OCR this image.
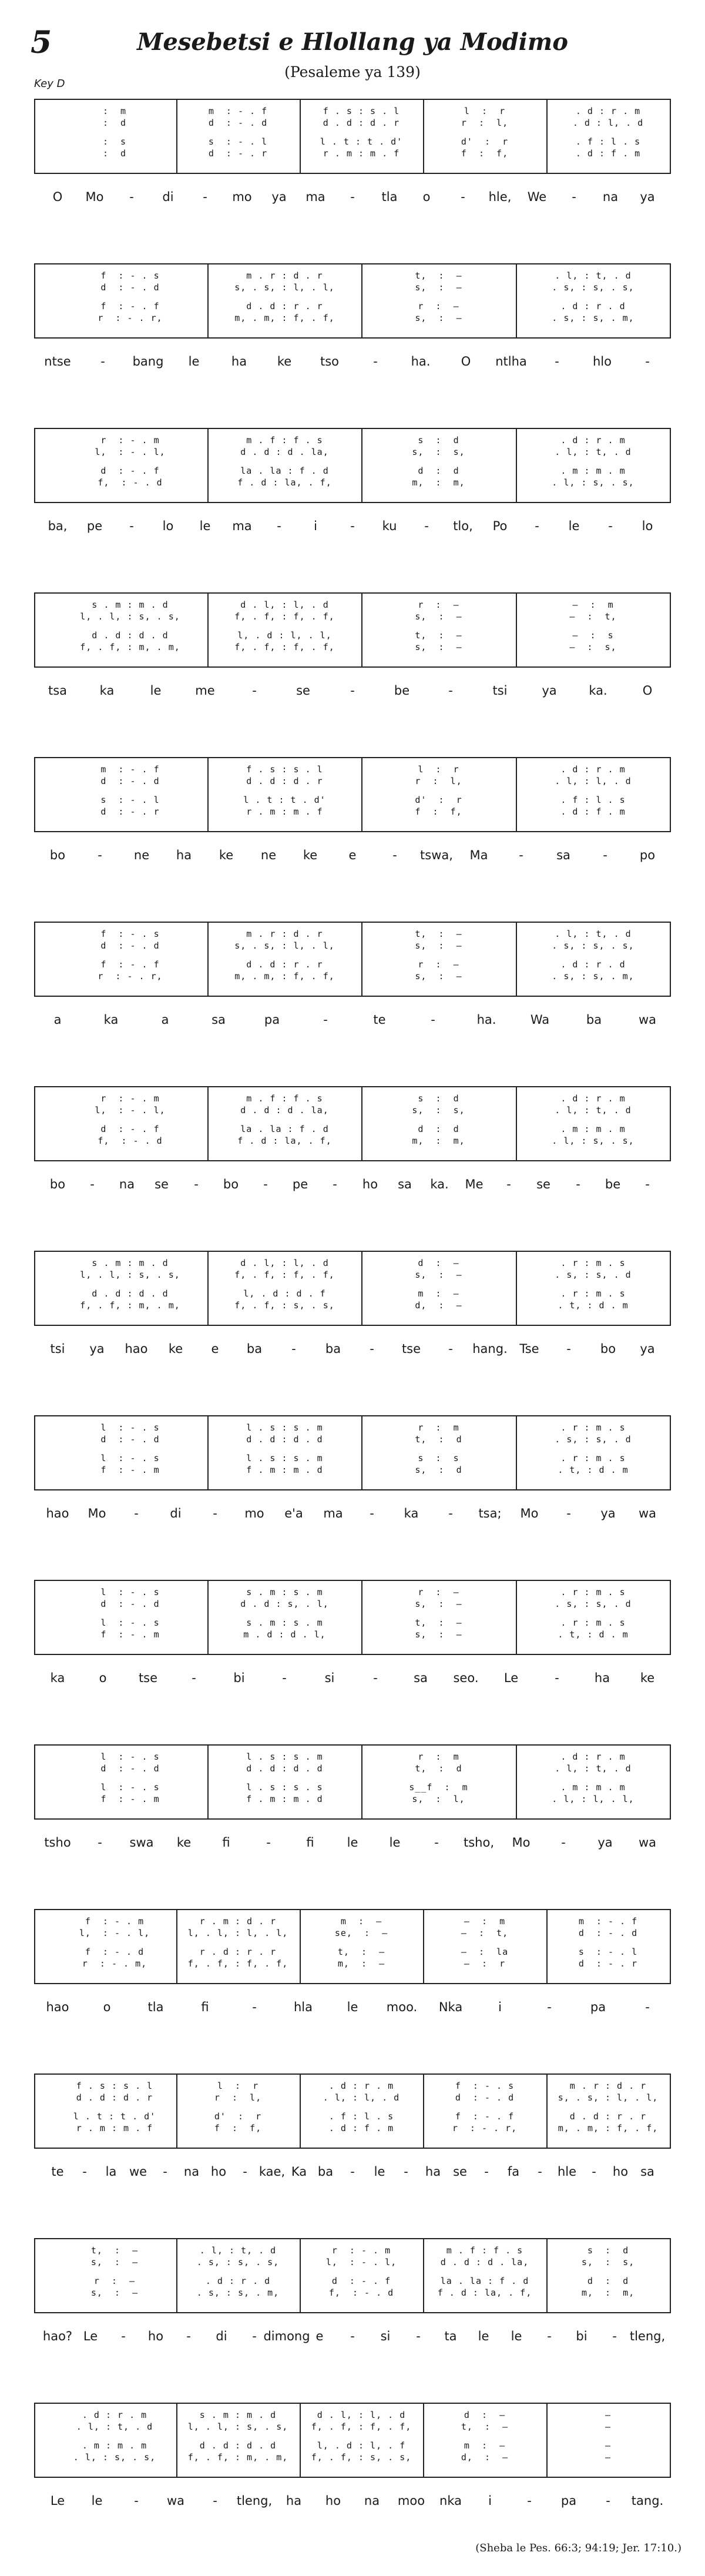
5	Mesebetsi e Hlollang ya Modimo
(Pesaleme ya 139)
Key D
:  m	m  : - . f	f . s : s . l	l  :  r	. d : r . m
:  d	d  : - . d	d . d : d . r	r  :  l,	. d : l, . d
:  s	s  : - . l	l . t : t . d'	d'  :  r	. f : l . s
:  d	d  : - . r	r . m : m . f	f  :  f,	. d : f . m
O Mo - di - mo ya ma - tla o - hle, We - na ya
f  : - . s	m . r : d . r	t,  :  —	. l, : t, . d
d  : - . d	s, . s, : l, . l,	s,  :  —	. s, : s, . s,
f  : - . f	d . d : r . r	r  :  —	. d : r . d
r  : - . r,	m, . m, : f, . f,	s,  :  —	. s, : s, . m,
ntse - bang le	ha ke tso	-	ha. O ntlha -	hlo	-
r  : - . m	m . f : f . s	s  :  d	. d : r . m
l,  : - . l,	d . d : d . la,	s,  :  s,	. l, : t, . d
d  : - . f	la . la : f . d	d  :  d	. m : m . m
f,  : - . d	f . d : la, . f,	m,  :  m,	. l, : s, . s,
ba, pe - lo le ma -	i	- ku - tlo, Po - le - lo
s . m : m . d	d . l, : l, . d	r  :  —	—  :  m
l, . l, : s, . s,	f, . f, : f, . f,	s,  :  —	—  :  t,
d . d : d . d	l, . d : l, . l,	t,  :  —	—  :  s
f, . f, : m, . m,	f, . f, : f, . f,	s,  :  —	—  :  s,
tsa	ka	le	me	-	se	-	be	-	tsi	ya	ka.	O
m  : - . f	f . s : s . l	l  :  r	. d : r . m
d  : - . d	d . d : d . r	r  :  l,	. l, : l, . d
s  : - . l	l . t : t . d'	d'  :  r	. f : l . s
d  : - . r	r . m : m . f	f  :  f,	. d : f . m
bo	-	ne ha ke ne ke	e	- tswa, Ma	-	sa	-	po
f  : - . s	m . r : d . r	t,  :  —	. l, : t, . d
d  : - . d	s, . s, : l, . l,	s,  :  —	. s, : s, . s,
f  : - . f	d . d : r . r	r  :  —	. d : r . d
r  : - . r,	m, . m, : f, . f,	s,  :  —	. s, : s, . m,
a	ka	a	sa	pa	-	te	-	ha.	Wa	ba	wa
r  : - . m	m . f : f . s	s  :  d	. d : r . m
l,  : - . l,	d . d : d . la,	s,  :  s,	. l, : t, . d
d  : - . f	la . la : f . d	d  :  d	. m : m . m
f,  : - . d	f . d : la, . f,	m,  :  m,	. l, : s, . s,
bo - na se - bo - pe - ho sa ka. Me - se - be -
s . m : m . d	d . l, : l, . d	d  :  —	. r : m . s
l, . l, : s, . s,	f, . f, : f, . f,	s,  :  —	. s, : s, . d
d . d : d . d	l, . d : d . f	m  :  —	. r : m . s
f, . f, : m, . m,	f, . f, : s, . s,	d,  :  —	. t, : d . m
tsi ya hao ke e ba - ba - tse - hang. Tse - bo ya
l  : - . s	l . s : s . m	r  :  m	. r : m . s
d  : - . d	d . d : d . d	t,  :  d	. s, : s, . d
l  : - . s	l . s : s . m	s  :  s	. r : m . s
f  : - . m	f . m : m . d	s,  :  d	. t, : d . m
hao Mo -	di	- mo e'a ma - ka - tsa; Mo - ya wa
l  : - . s	s . m : s . m	r  :  —	. r : m . s
d  : - . d	d . d : s, . l,	s,  :  —	. s, : s, . d
l  : - . s	s . m : s . m	t,  :  —	. r : m . s
f  : - . m	m . d : d . l,	s,  :  —	. t, : d . m
ka	o	tse	-	bi	-	si	-	sa seo. Le	-	ha ke
l  : - . s	l . s : s . m	r  :  m	. d : r . m
d  : - . d	d . d : d . d	t,  :  d	. l, : t, . d
l  : - . s	l . s : s . s	s__f  :  m	. m : m . m
f  : - . m	f . m : m . d	s,  :  l,	. l, : l, . l,
tsho - swa ke	fi	-	fi	le	le	- tsho, Mo	-	ya wa
f  : - . m	r . m : d . r	m  :  —	—  :  m	m  : - . f
l,  : - . l,	l, . l, : l, . l,	se,  :  —	—  :  t,	d  : - . d
f  : - . d	r . d : r . r	t,  :  —	—  :  la	s  : - . l
r  : - . m,	f, . f, : f, . f,	m,  :  —	—  :  r	d  : - . r
hao	o	tla	fi	-	hla	le moo. Nka	i	-	pa	-
f . s : s . l	l  :  r	. d : r . m	f  : - . s	m . r : d . r
d . d : d . r	r  :  l,	. l, : l, . d	d  : - . d	s, . s, : l, . l,
l . t : t . d'	d'  :  r	. f : l . s	f  : - . f	d . d : r . r
r . m : m . f	f  :  f,	. d : f . m	r  : - . r,	m, . m, : f, . f,
te - la we - na ho - kae, Ka ba - le - ha se - fa - hle - ho sa
t,  :  —	. l, : t, . d	r  : - . m	m . f : f . s	s  :  d
s,  :  —	. s, : s, . s,	l,  : - . l,	d . d : d . la,	s,  :  s,
r  :  —	. d : r . d	d  : - . f	la . la : f . d	d  :  d
s,  :  —	. s, : s, . m,	f,  : - . d	f . d : la, . f,	m,  :  m,
hao? Le - ho - di - dimong e - si - ta le le - bi - tleng,
. d : r . m	s . m : m . d	d . l, : l, . d	d  :  —	—
. l, : t, . d	l, . l, : s, . s,	f, . f, : f, . f,	t,  :  —	—
. m : m . m	d . d : d . d	l, . d : l, . f	m  :  —	—
. l, : s, . s,	f, . f, : m, . m,	f, . f, : s, . s,	d,  :  —	—
Le le	- wa - tleng, ha ho na moo nka i	- pa - tang.
(Sheba le Pes. 66:3; 94:19; Jer. 17:10.)
